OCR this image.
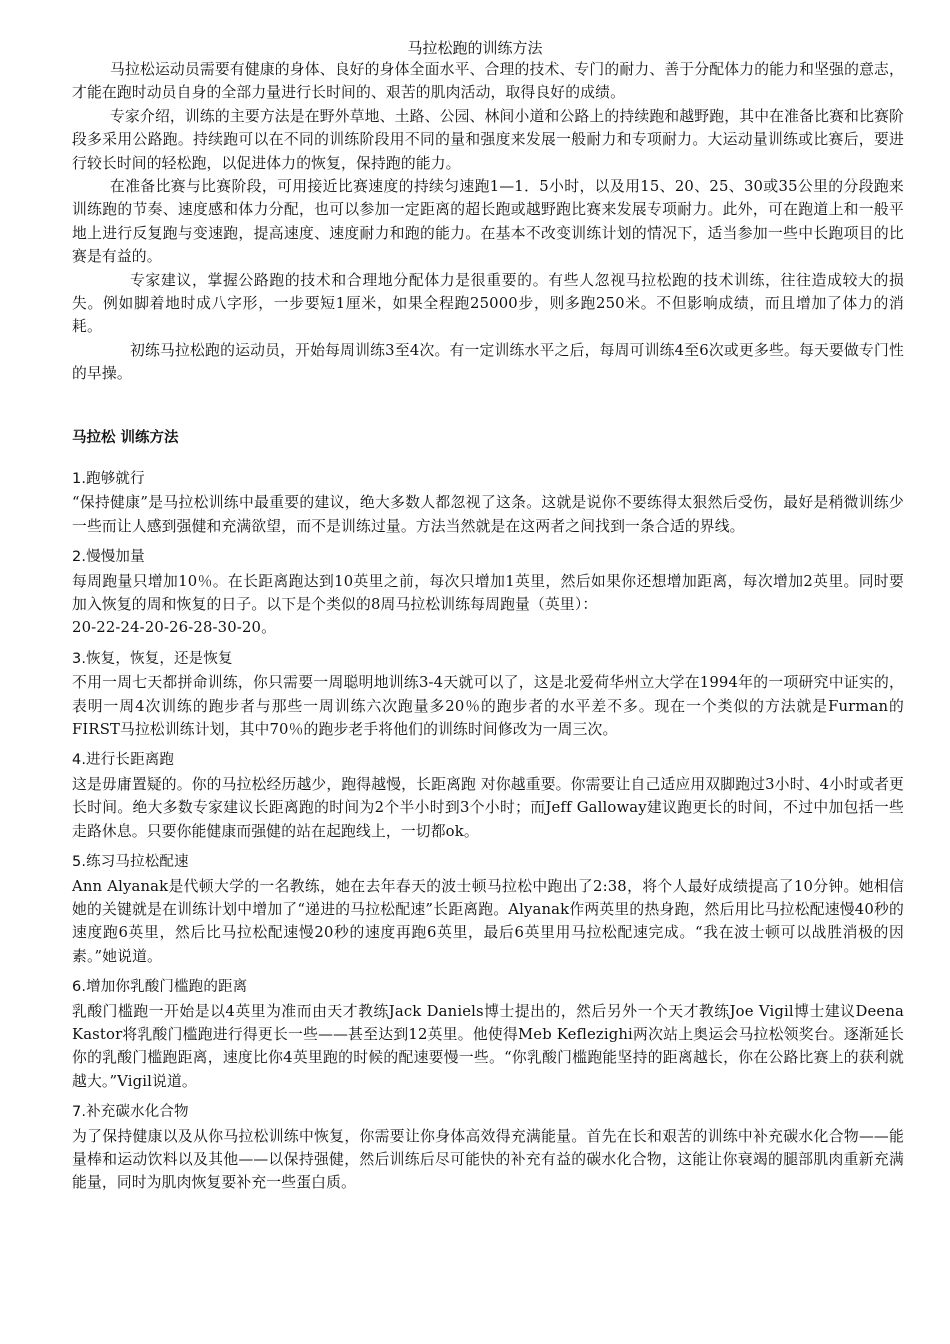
马拉松跑的训练方法

马拉松运动员需要有健康的身体、良好的身体全面水平、合理的技术、专门的耐力、善于分配体力的能力和坚强的意志，才能在跑时动员自身的全部力量进行长时间的、艰苦的肌肉活动，取得良好的成绩。

专家介绍，训练的主要方法是在野外草地、土路、公园、林间小道和公路上的持续跑和越野跑，其中在准备比赛和比赛阶段多采用公路跑。持续跑可以在不同的训练阶段用不同的量和强度来发展一般耐力和专项耐力。大运动量训练或比赛后，要进行较长时间的轻松跑，以促进体力的恢复，保持跑的能力。

在准备比赛与比赛阶段，可用接近比赛速度的持续匀速跑1—1．5小时，以及用15、20、25、30或35公里的分段跑来训练跑的节奏、速度感和体力分配，也可以参加一定距离的超长跑或越野跑比赛来发展专项耐力。此外，可在跑道上和一般平地上进行反复跑与变速跑，提高速度、速度耐力和跑的能力。在基本不改变训练计划的情况下，适当参加一些中长跑项目的比赛是有益的。

专家建议，掌握公路跑的技术和合理地分配体力是很重要的。有些人忽视马拉松跑的技术训练，往往造成较大的损失。例如脚着地时成八字形，一步要短1厘米，如果全程跑25000步，则多跑250米。不但影响成绩，而且增加了体力的消耗。

初练马拉松跑的运动员，开始每周训练3至4次。有一定训练水平之后，每周可训练4至6次或更多些。每天要做专门性的早操。

马拉松 训练方法

1.跑够就行

“保持健康”是马拉松训练中最重要的建议，绝大多数人都忽视了这条。这就是说你不要练得太狠然后受伤，最好是稍微训练少一些而让人感到强健和充满欲望，而不是训练过量。方法当然就是在这两者之间找到一条合适的界线。

2.慢慢加量

每周跑量只增加10％。在长距离跑达到10英里之前，每次只增加1英里，然后如果你还想增加距离，每次增加2英里。同时要加入恢复的周和恢复的日子。以下是个类似的8周马拉松训练每周跑量（英里）：

20-22-24-20-26-28-30-20。

3.恢复，恢复，还是恢复

不用一周七天都拼命训练，你只需要一周聪明地训练3-4天就可以了，这是北爱荷华州立大学在1994年的一项研究中证实的，表明一周4次训练的跑步者与那些一周训练六次跑量多20％的跑步者的水平差不多。现在一个类似的方法就是Furman的FIRST马拉松训练计划，其中70％的跑步老手将他们的训练时间修改为一周三次。

4.进行长距离跑

这是毋庸置疑的。你的马拉松经历越少，跑得越慢，长距离跑 对你越重要。你需要让自己适应用双脚跑过3小时、4小时或者更长时间。绝大多数专家建议长距离跑的时间为2个半小时到3个小时；而Jeff Galloway建议跑更长的时间，不过中加包括一些走路休息。只要你能健康而强健的站在起跑线上，一切都ok。

5.练习马拉松配速

Ann Alyanak是代顿大学的一名教练，她在去年春天的波士顿马拉松中跑出了2:38，将个人最好成绩提高了10分钟。她相信她的关键就是在训练计划中增加了“递进的马拉松配速”长距离跑。Alyanak作两英里的热身跑，然后用比马拉松配速慢40秒的速度跑6英里，然后比马拉松配速慢20秒的速度再跑6英里，最后6英里用马拉松配速完成。“我在波士顿可以战胜消极的因素。”她说道。

6.增加你乳酸门槛跑的距离

乳酸门槛跑一开始是以4英里为准而由天才教练Jack Daniels博士提出的，然后另外一个天才教练Joe Vigil博士建议Deena Kastor将乳酸门槛跑进行得更长一些——甚至达到12英里。他使得Meb Keflezighi两次站上奥运会马拉松领奖台。逐渐延长你的乳酸门槛跑距离，速度比你4英里跑的时候的配速要慢一些。“你乳酸门槛跑能坚持的距离越长，你在公路比赛上的获利就越大。”Vigil说道。

7.补充碳水化合物

为了保持健康以及从你马拉松训练中恢复，你需要让你身体高效得充满能量。首先在长和艰苦的训练中补充碳水化合物——能量棒和运动饮料以及其他——以保持强健，然后训练后尽可能快的补充有益的碳水化合物，这能让你衰竭的腿部肌肉重新充满能量，同时为肌肉恢复要补充一些蛋白质。
